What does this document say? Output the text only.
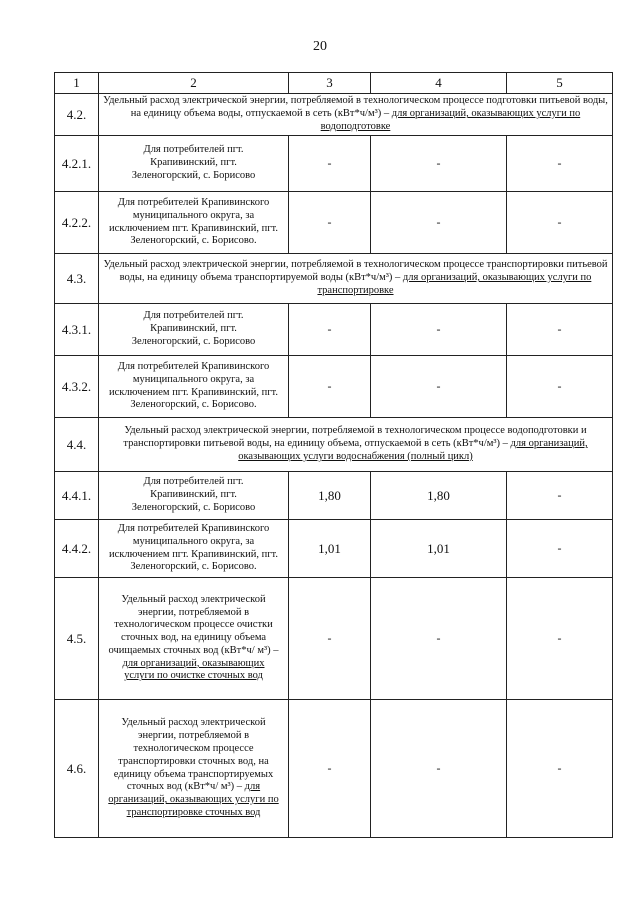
20
1	2	3	4	5
4.2.	Удельный расход электрической энергии, потребляемой в технологическом процессе подготовки питьевой воды, на единицу объема воды, отпускаемой в сеть (кВт*ч/м³) – для организаций, оказывающих услуги по водоподготовке			
4.2.1.	Для потребителей пгт. Крапивинский, пгт. Зеленогорский, с. Борисово	-	-	-
4.2.2.	Для потребителей Крапивинского муниципального округа, за исключением пгт. Крапивинский, пгт. Зеленогорский, с. Борисово.	-	-	-
4.3.	Удельный расход электрической энергии, потребляемой в технологическом процессе транспортировки питьевой воды, на единицу объема транспортируемой воды (кВт*ч/м³) – для организаций, оказывающих услуги по транспортировке			
4.3.1.	Для потребителей пгт. Крапивинский, пгт. Зеленогорский, с. Борисово	-	-	-
4.3.2.	Для потребителей Крапивинского муниципального округа, за исключением пгт. Крапивинский, пгт. Зеленогорский, с. Борисово.	-	-	-
4.4.	Удельный расход электрической энергии, потребляемой в технологическом процессе водоподготовки и транспортировки питьевой воды, на единицу объема, отпускаемой в сеть (кВт*ч/м³) – для организаций, оказывающих услуги водоснабжения (полный цикл)			
4.4.1.	Для потребителей пгт. Крапивинский, пгт. Зеленогорский, с. Борисово	1,80	1,80	-
4.4.2.	Для потребителей Крапивинского муниципального округа, за исключением пгт. Крапивинский, пгт. Зеленогорский, с. Борисово.	1,01	1,01	-
4.5.	Удельный расход электрической энергии, потребляемой в технологическом процессе очистки сточных вод, на единицу объема очищаемых сточных вод (кВт*ч/ м³) – для организаций, оказывающих услуги по очистке сточных вод	-	-	-
4.6.	Удельный расход электрической энергии, потребляемой в технологическом процессе транспортировки сточных вод, на единицу объема транспортируемых сточных вод (кВт*ч/ м³) – для организаций, оказывающих услуги по транспортировке сточных вод	-	-	-
